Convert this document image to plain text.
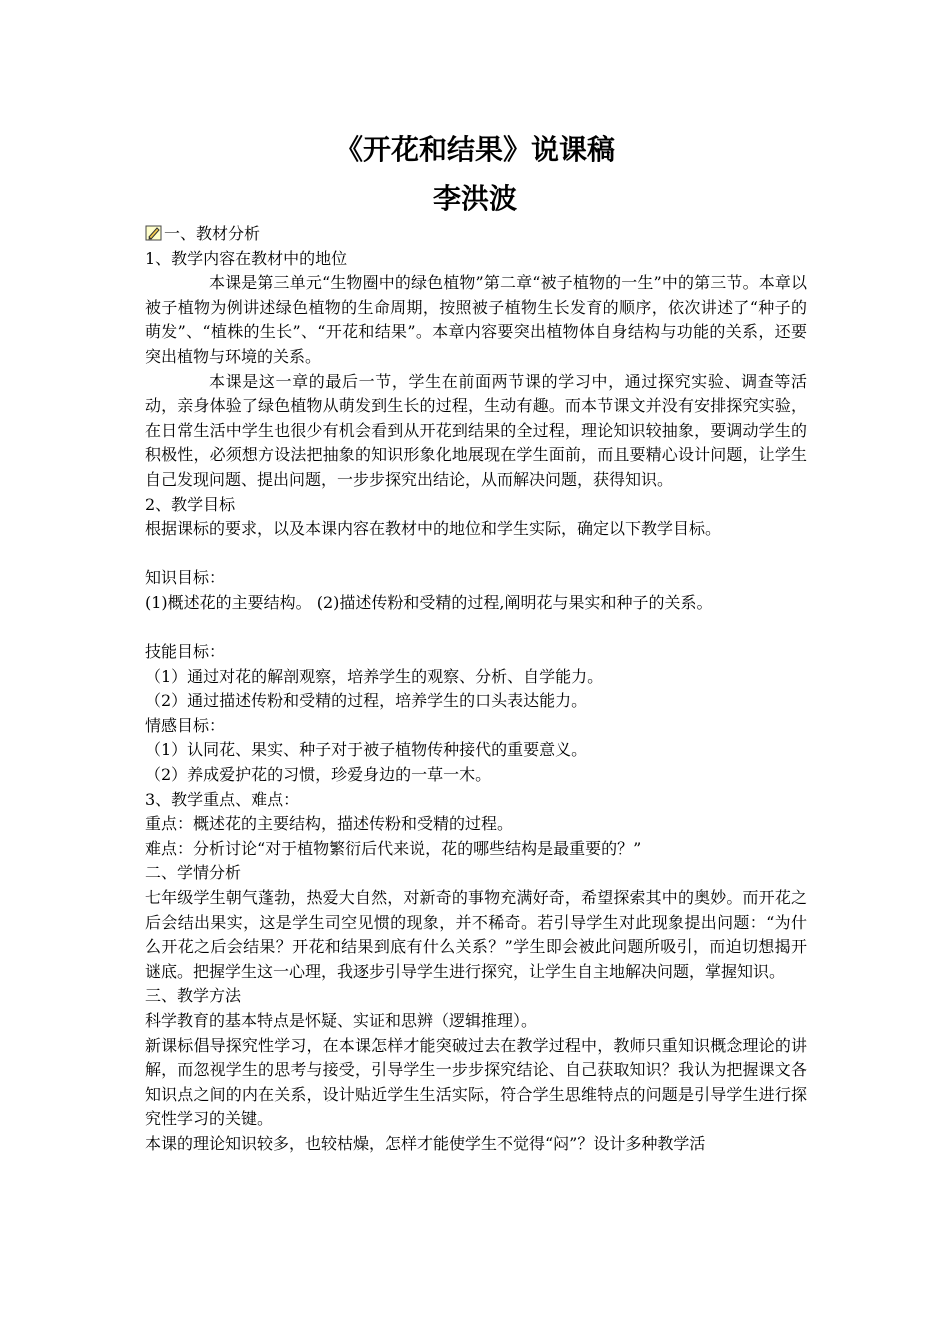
《开花和结果》说课稿
李洪波

一、教材分析

1、教学内容在教材中的地位

本课是第三单元“生物圈中的绿色植物”第二章“被子植物的一生”中的第三节。本章以被子植物为例讲述绿色植物的生命周期，按照被子植物生长发育的顺序，依次讲述了“种子的萌发”、“植株的生长”、“开花和结果”。本章内容要突出植物体自身结构与功能的关系，还要突出植物与环境的关系。

本课是这一章的最后一节，学生在前面两节课的学习中，通过探究实验、调查等活动，亲身体验了绿色植物从萌发到生长的过程，生动有趣。而本节课文并没有安排探究实验，在日常生活中学生也很少有机会看到从开花到结果的全过程，理论知识较抽象，要调动学生的积极性，必须想方设法把抽象的知识形象化地展现在学生面前，而且要精心设计问题，让学生自己发现问题、提出问题，一步步探究出结论，从而解决问题，获得知识。

2、教学目标

根据课标的要求，以及本课内容在教材中的地位和学生实际，确定以下教学目标。

知识目标：

(1)概述花的主要结构。 (2)描述传粉和受精的过程,阐明花与果实和种子的关系。

技能目标：

（1）通过对花的解剖观察，培养学生的观察、分析、自学能力。

（2）通过描述传粉和受精的过程，培养学生的口头表达能力。

情感目标：

（1）认同花、果实、种子对于被子植物传种接代的重要意义。

（2）养成爱护花的习惯，珍爱身边的一草一木。

3、教学重点、难点：

重点：概述花的主要结构，描述传粉和受精的过程。

难点：分析讨论“对于植物繁衍后代来说，花的哪些结构是最重要的？”

二、学情分析

七年级学生朝气蓬勃，热爱大自然，对新奇的事物充满好奇，希望探索其中的奥妙。而开花之后会结出果实，这是学生司空见惯的现象，并不稀奇。若引导学生对此现象提出问题：“为什么开花之后会结果？开花和结果到底有什么关系？”学生即会被此问题所吸引，而迫切想揭开谜底。把握学生这一心理，我逐步引导学生进行探究，让学生自主地解决问题，掌握知识。

三、教学方法

科学教育的基本特点是怀疑、实证和思辨（逻辑推理）。

新课标倡导探究性学习，在本课怎样才能突破过去在教学过程中，教师只重知识概念理论的讲解，而忽视学生的思考与接受，引导学生一步步探究结论、自己获取知识？我认为把握课文各知识点之间的内在关系，设计贴近学生生活实际，符合学生思维特点的问题是引导学生进行探究性学习的关键。

本课的理论知识较多，也较枯燥，怎样才能使学生不觉得“闷”？设计多种教学活
